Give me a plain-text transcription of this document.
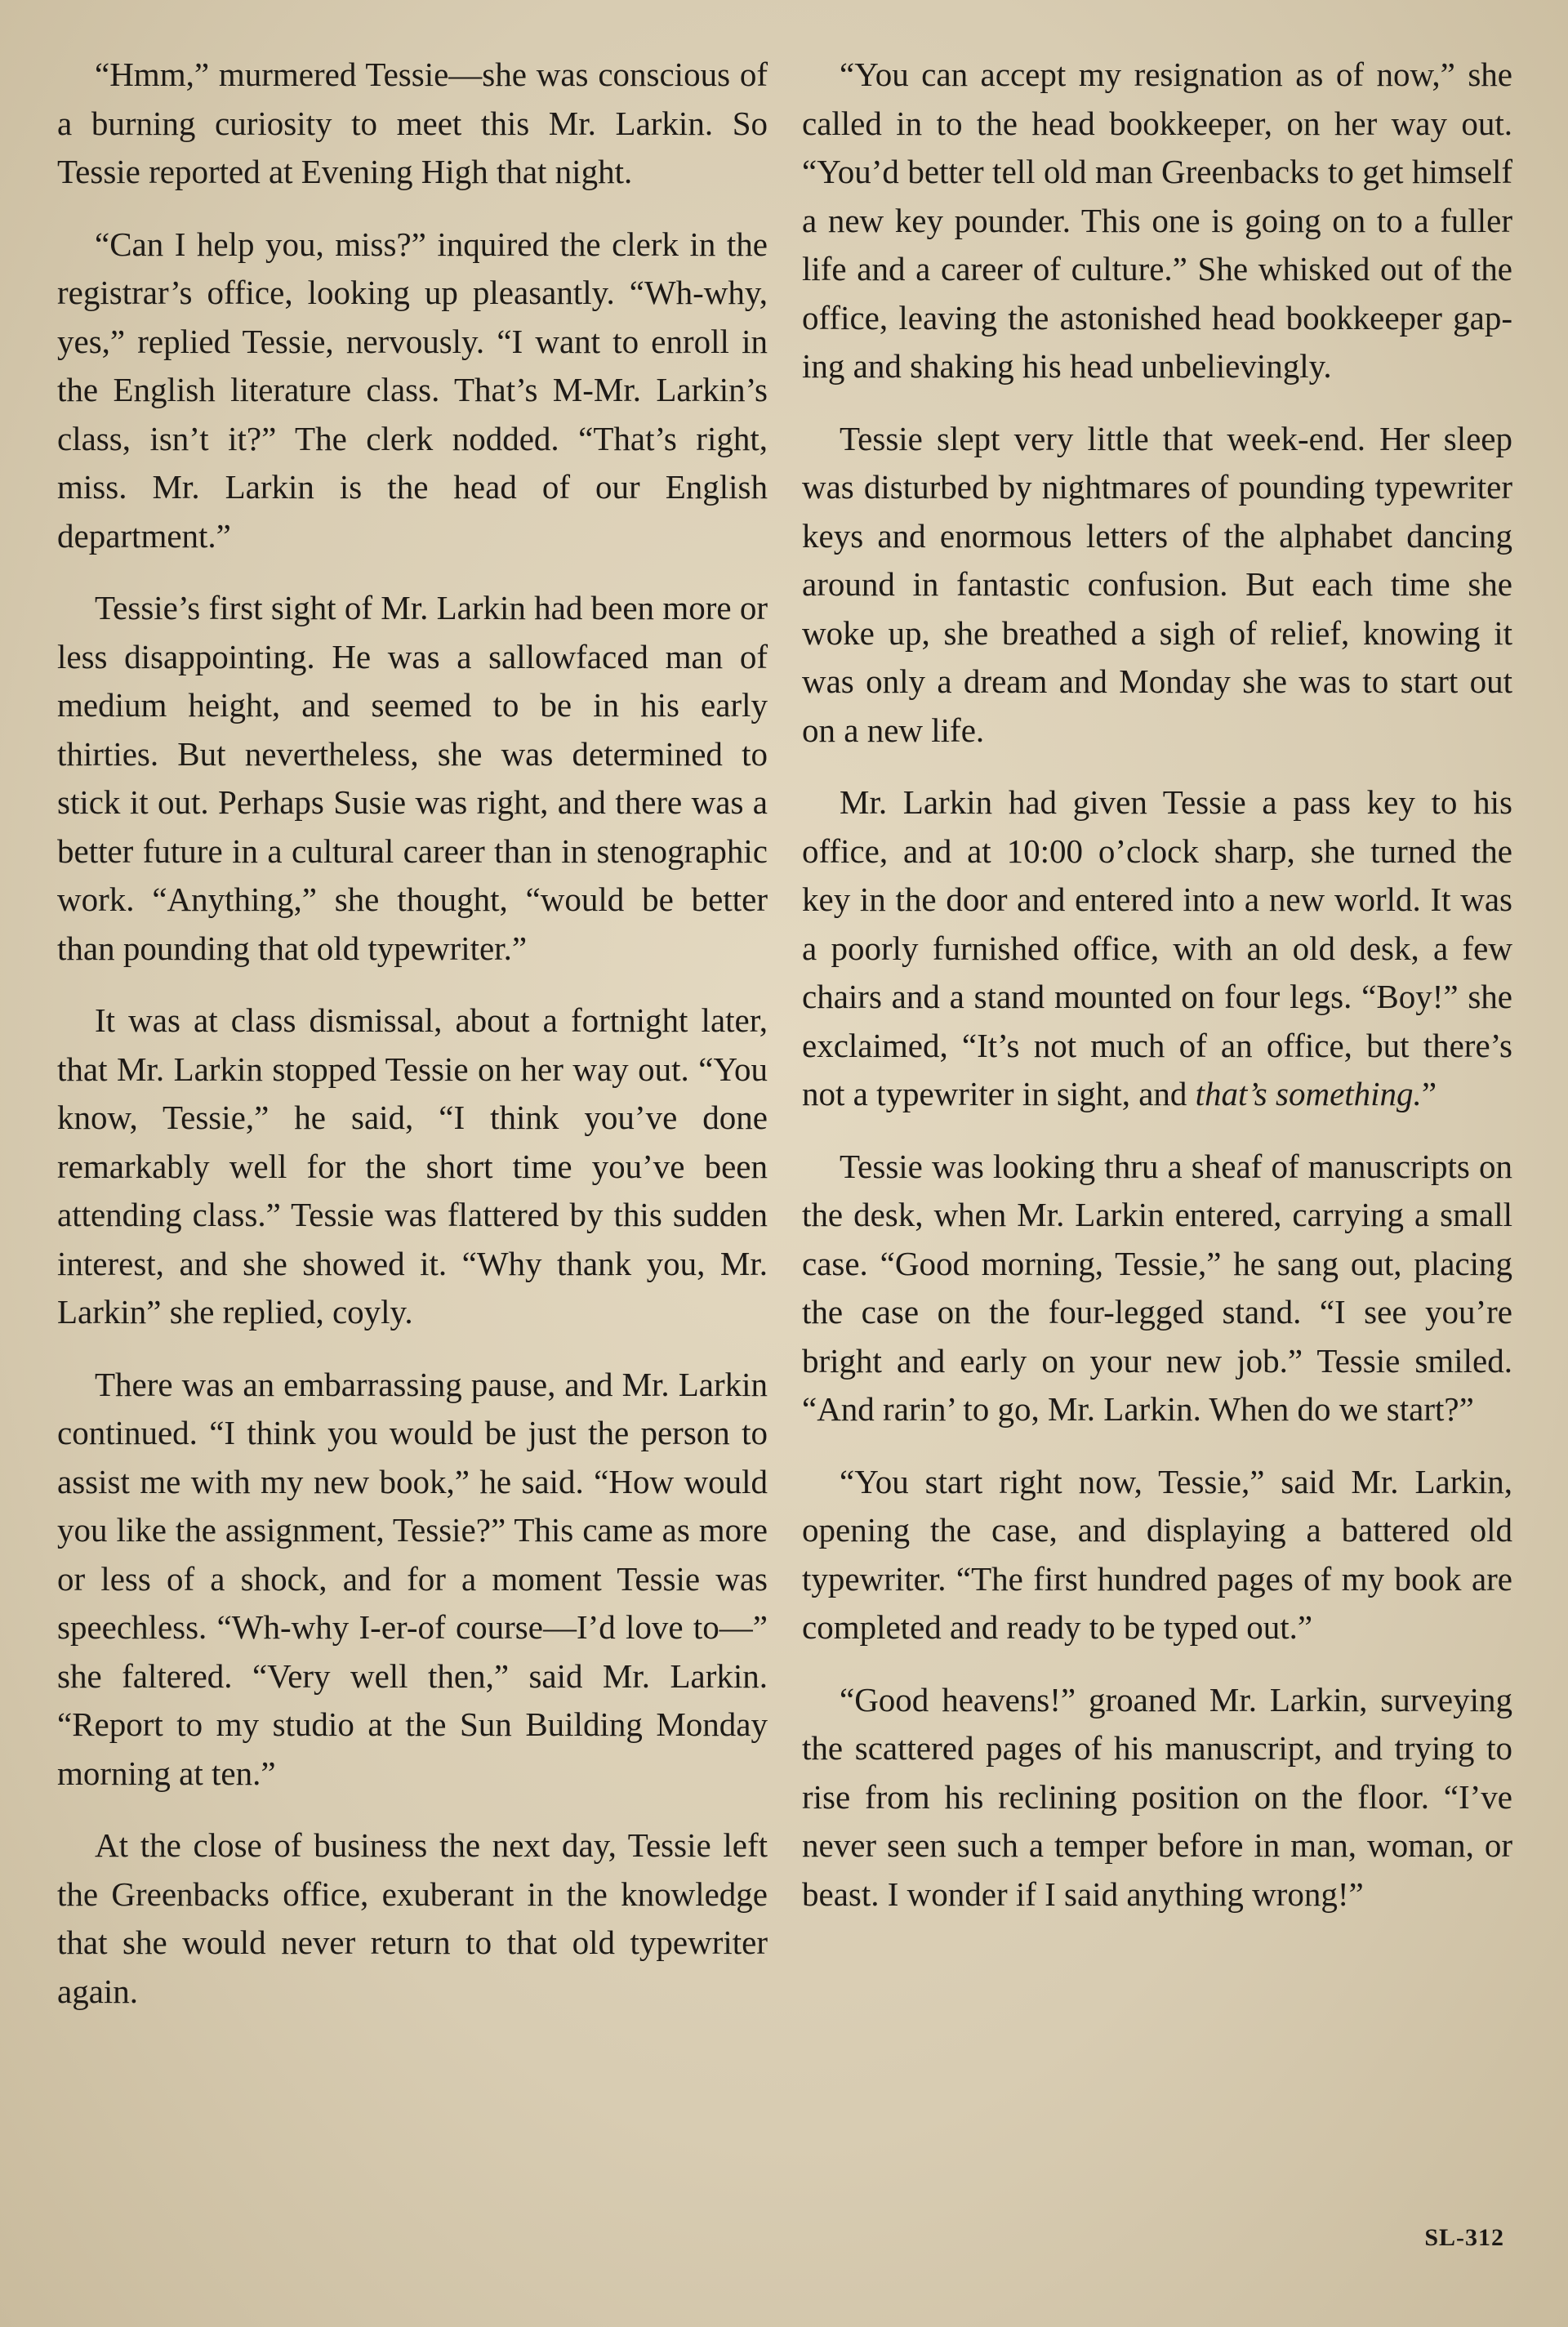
“Hmm,” murmered Tessie—she was conscious of a burning curiosity to meet this Mr. Larkin. So Tessie reported at Evening High that night.

“Can I help you, miss?” inquired the clerk in the registrar’s office, looking up pleasantly. “Wh-why, yes,” replied Tessie, nervously. “I want to enroll in the English literature class. That’s M-Mr. Larkin’s class, isn’t it?” The clerk nodded. “That’s right, miss. Mr. Larkin is the head of our English department.”

Tessie’s first sight of Mr. Larkin had been more or less disappointing. He was a sallowfaced man of medium height, and seemed to be in his early thirties. But nevertheless, she was determined to stick it out. Perhaps Susie was right, and there was a better future in a cultural career than in stenographic work. “Anything,” she thought, “would be better than pounding that old typewriter.”

It was at class dismissal, about a fortnight later, that Mr. Larkin stopped Tessie on her way out. “You know, Tessie,” he said, “I think you’ve done remarkably well for the short time you’ve been attending class.” Tessie was flattered by this sudden interest, and she showed it. “Why thank you, Mr. Larkin” she replied, coyly.

There was an embarrassing pause, and Mr. Larkin continued. “I think you would be just the person to assist me with my new book,” he said. “How would you like the assignment, Tessie?” This came as more or less of a shock, and for a moment Tessie was speechless. “Wh-why I-er-of course—I’d love to—” she faltered. “Very well then,” said Mr. Larkin. “Report to my studio at the Sun Building Monday morning at ten.”

At the close of business the next day, Tessie left the Greenbacks office, exuberant in the knowledge that she would never return to that old typewriter again.

“You can accept my resignation as of now,” she called in to the head bookkeeper, on her way out. “You’d better tell old man Greenbacks to get himself a new key pounder. This one is going on to a fuller life and a career of culture.” She whisked out of the office, leaving the astonished head bookkeeper gaping and shaking his head unbelievingly.

Tessie slept very little that week-end. Her sleep was disturbed by nightmares of pounding typewriter keys and enormous letters of the alphabet dancing around in fantastic confusion. But each time she woke up, she breathed a sigh of relief, knowing it was only a dream and Monday she was to start out on a new life.

Mr. Larkin had given Tessie a pass key to his office, and at 10:00 o’clock sharp, she turned the key in the door and entered into a new world. It was a poorly furnished office, with an old desk, a few chairs and a stand mounted on four legs. “Boy!” she exclaimed, “It’s not much of an office, but there’s not a typewriter in sight, and that’s something.”

Tessie was looking thru a sheaf of manuscripts on the desk, when Mr. Larkin entered, carrying a small case. “Good morning, Tessie,” he sang out, placing the case on the four-legged stand. “I see you’re bright and early on your new job.” Tessie smiled. “And rarin’ to go, Mr. Larkin. When do we start?”

“You start right now, Tessie,” said Mr. Larkin, opening the case, and displaying a battered old typewriter. “The first hundred pages of my book are completed and ready to be typed out.”

“Good heavens!” groaned Mr. Larkin, surveying the scattered pages of his manuscript, and trying to rise from his reclining position on the floor. “I’ve never seen such a temper before in man, woman, or beast. I wonder if I said anything wrong!”

SL-312
